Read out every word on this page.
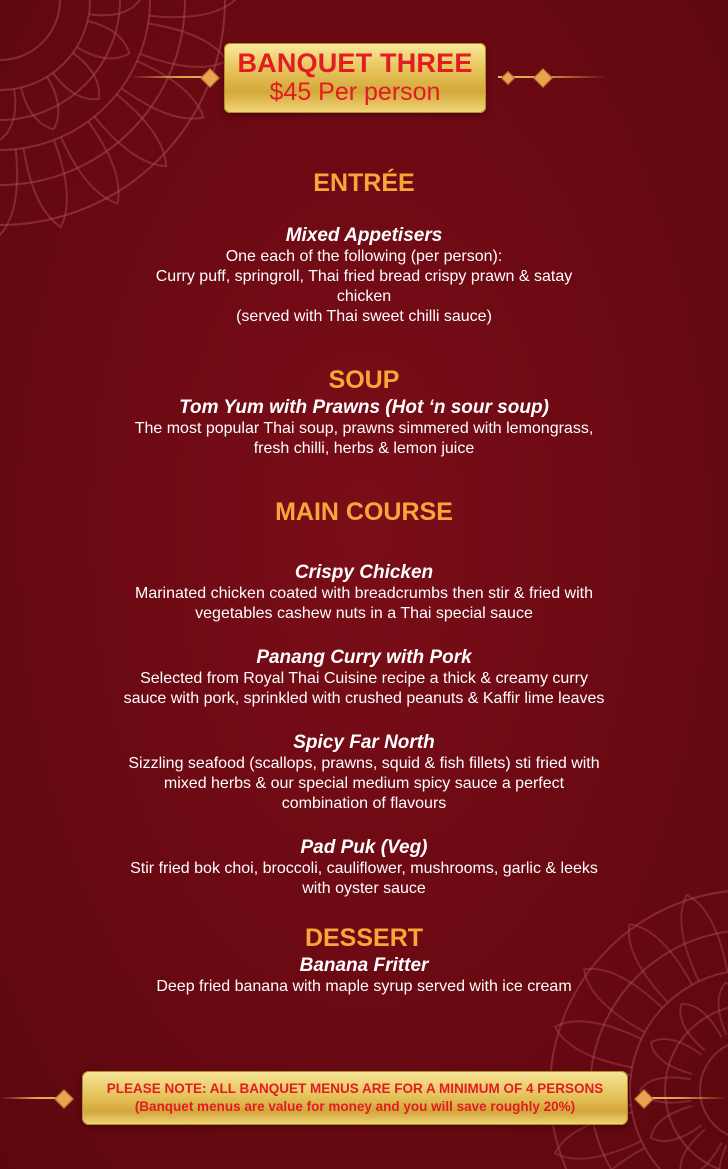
BANQUET THREE
$45 Per person
ENTRÉE
Mixed Appetisers
One each of the following (per person):
Curry puff, springroll, Thai fried bread crispy prawn & satay
chicken
(served with Thai sweet chilli sauce)
SOUP
Tom Yum with Prawns (Hot ‘n sour soup)
The most popular Thai soup, prawns simmered with lemongrass,
fresh chilli, herbs & lemon juice
MAIN COURSE
Crispy Chicken
Marinated chicken coated with breadcrumbs then stir & fried with
vegetables cashew nuts in a Thai special sauce
Panang Curry with Pork
Selected from Royal Thai Cuisine recipe a thick & creamy curry
sauce with pork, sprinkled with crushed peanuts & Kaffir lime leaves
Spicy Far North
Sizzling seafood (scallops, prawns, squid & fish fillets) sti fried with
mixed herbs & our special medium spicy sauce a perfect
combination of flavours
Pad Puk (Veg)
Stir fried bok choi, broccoli, cauliflower, mushrooms, garlic & leeks
with oyster sauce
DESSERT
Banana Fritter
Deep fried banana with maple syrup served with ice cream
PLEASE NOTE: ALL BANQUET MENUS ARE FOR A MINIMUM OF 4 PERSONS
(Banquet menus are value for money and you will save roughly 20%)
